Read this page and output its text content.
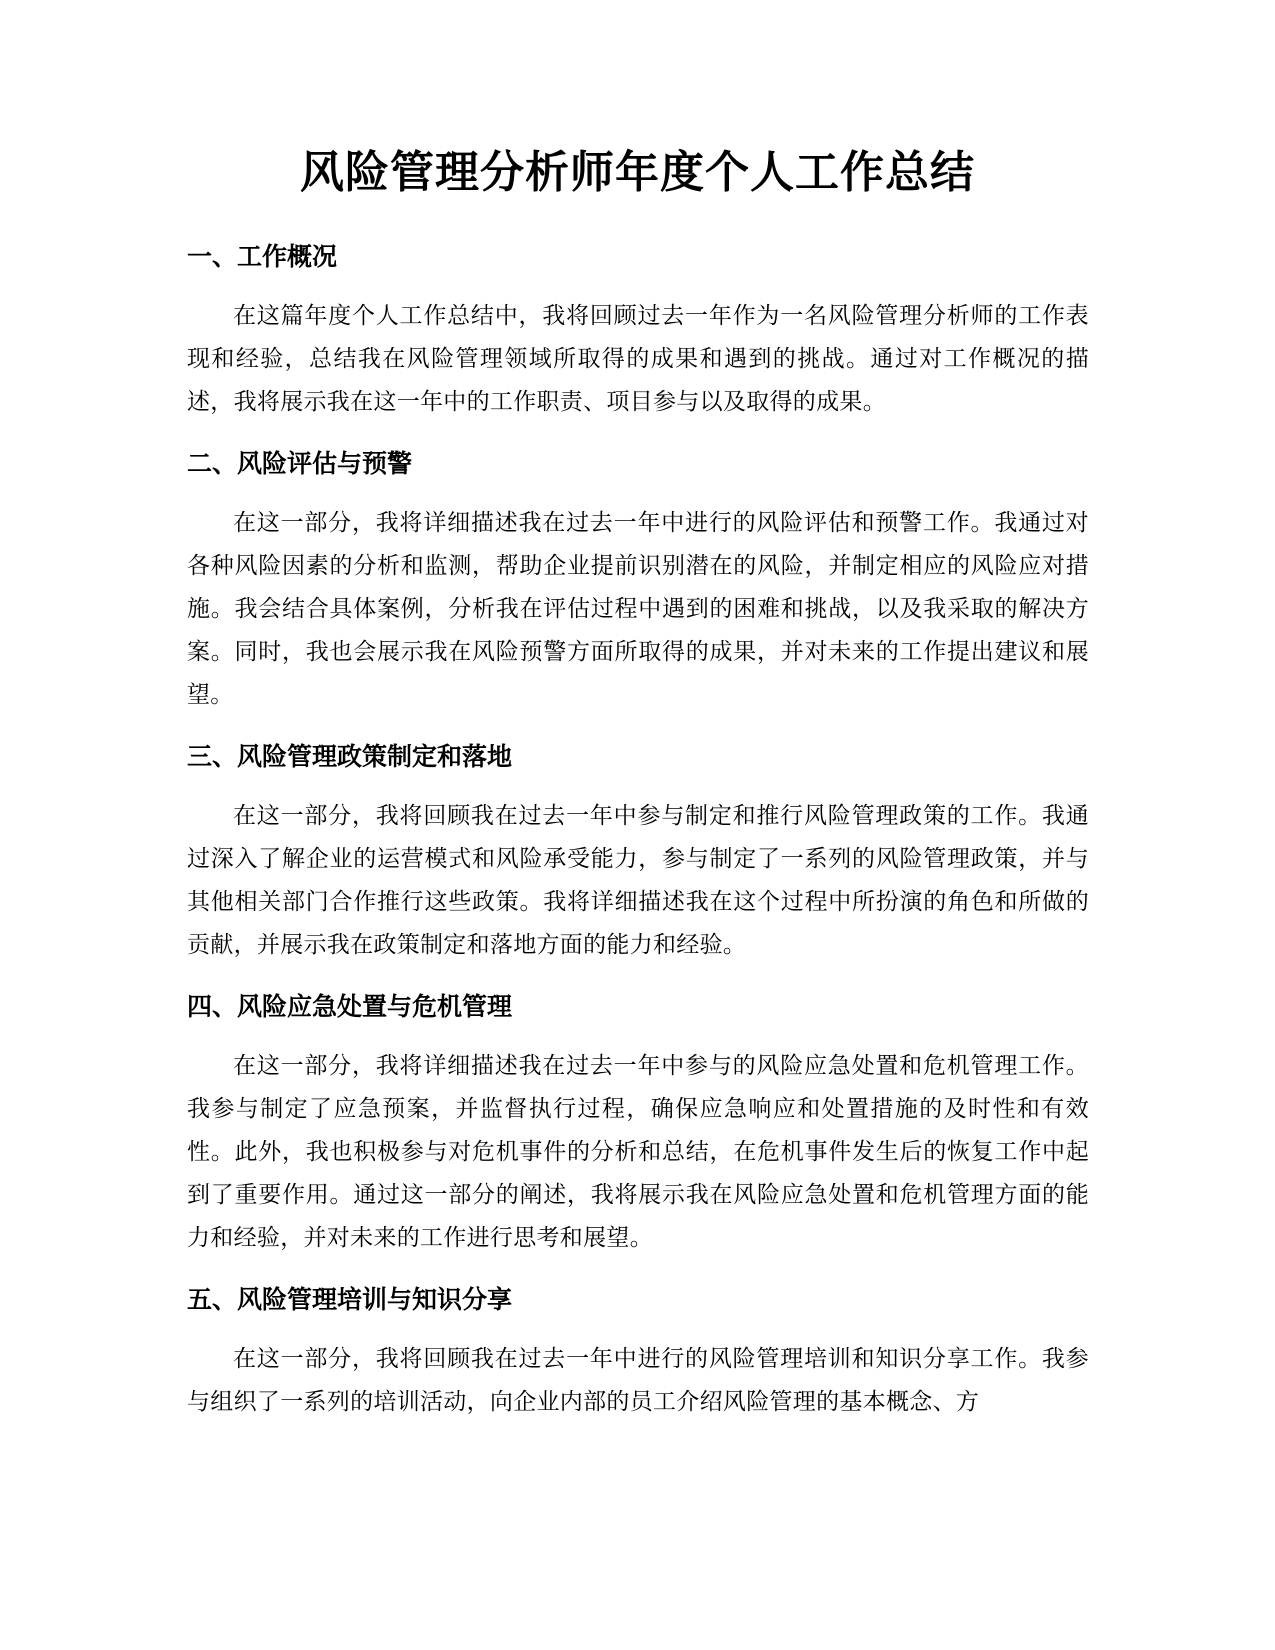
风险管理分析师年度个人工作总结
一、工作概况

在这篇年度个人工作总结中，我将回顾过去一年作为一名风险管理分析师的工作表现和经验，总结我在风险管理领域所取得的成果和遇到的挑战。通过对工作概况的描述，我将展示我在这一年中的工作职责、项目参与以及取得的成果。

二、风险评估与预警

在这一部分，我将详细描述我在过去一年中进行的风险评估和预警工作。我通过对各种风险因素的分析和监测，帮助企业提前识别潜在的风险，并制定相应的风险应对措施。我会结合具体案例，分析我在评估过程中遇到的困难和挑战，以及我采取的解决方案。同时，我也会展示我在风险预警方面所取得的成果，并对未来的工作提出建议和展望。

三、风险管理政策制定和落地

在这一部分，我将回顾我在过去一年中参与制定和推行风险管理政策的工作。我通过深入了解企业的运营模式和风险承受能力，参与制定了一系列的风险管理政策，并与其他相关部门合作推行这些政策。我将详细描述我在这个过程中所扮演的角色和所做的贡献，并展示我在政策制定和落地方面的能力和经验。

四、风险应急处置与危机管理

在这一部分，我将详细描述我在过去一年中参与的风险应急处置和危机管理工作。我参与制定了应急预案，并监督执行过程，确保应急响应和处置措施的及时性和有效性。此外，我也积极参与对危机事件的分析和总结，在危机事件发生后的恢复工作中起到了重要作用。通过这一部分的阐述，我将展示我在风险应急处置和危机管理方面的能力和经验，并对未来的工作进行思考和展望。

五、风险管理培训与知识分享

在这一部分，我将回顾我在过去一年中进行的风险管理培训和知识分享工作。我参与组织了一系列的培训活动，向企业内部的员工介绍风险管理的基本概念、方
